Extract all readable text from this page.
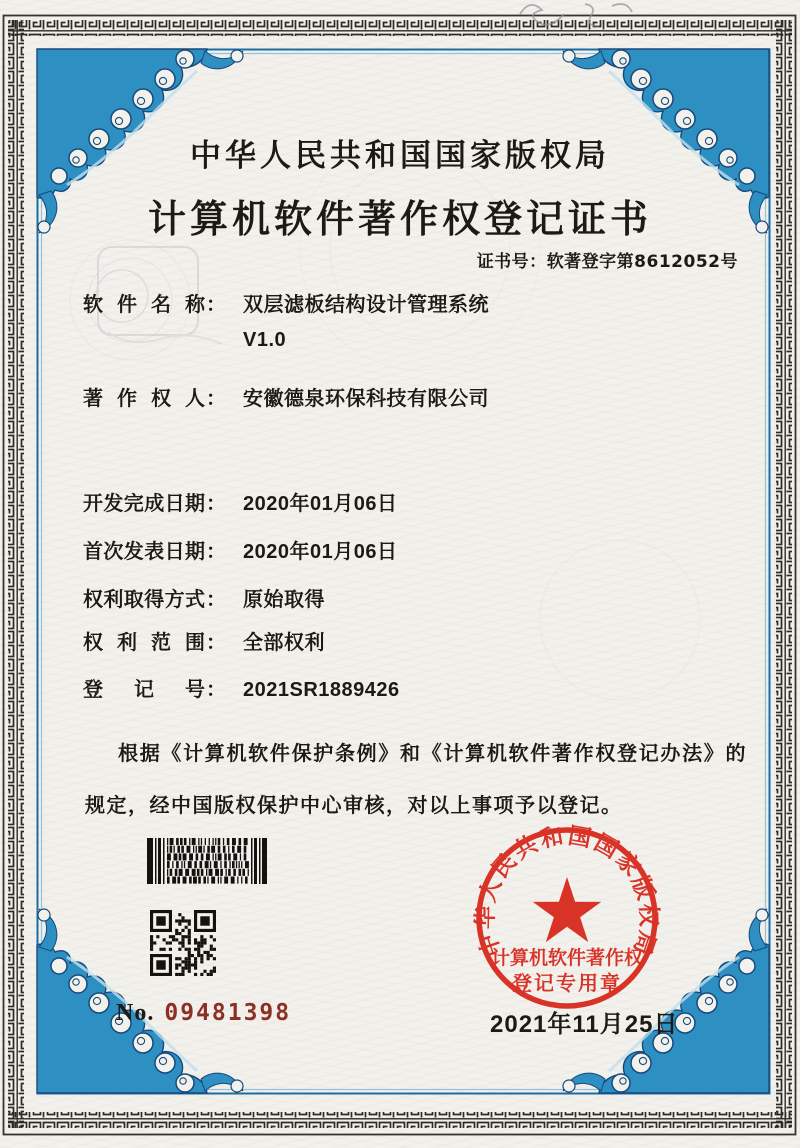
中华人民共和国国家版权局
计算机软件著作权登记证书
证书号：软著登字第8612052号
软件名称 ： 双层滤板结构设计管理系统
V1.0
著作权人 ： 安徽德泉环保科技有限公司
开发完成日期 ： 2020年01月06日
首次发表日期 ： 2020年01月06日
权利取得方式 ： 原始取得
权利范围 ： 全部权利
登记号 ： 2021SR1889426
根据《计算机软件保护条例》和《计算机软件著作权登记办法》的规定，经中国版权保护中心审核，对以上事项予以登记。
No. 09481398
中华人民共和国国家版权局
计算机软件著作权
登记专用章
2021年11月25日
